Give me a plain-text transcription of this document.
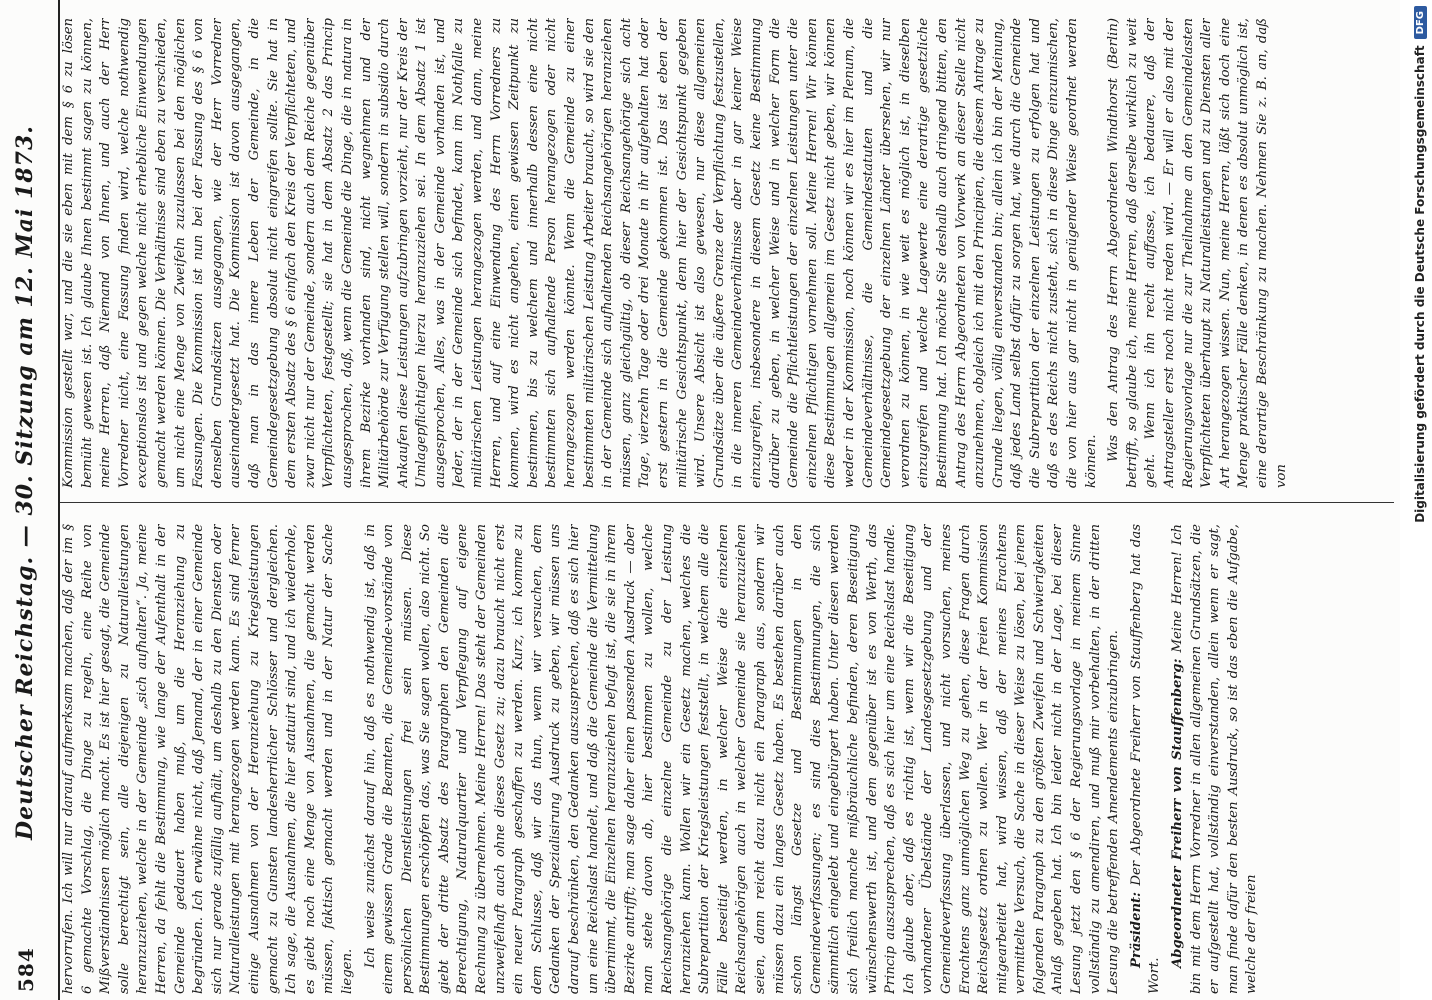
584
Deutscher Reichstag. — 30. Sitzung am 12. Mai 1873. hervorrufen. Ich will nur darauf aufmerksam machen, daß der im § 6 gemachte Vorschlag, die Dinge zu regeln, eine Reihe von Mißverständnissen möglich macht. Es ist hier gesagt, die Gemeinde solle berechtigt sein, alle diejenigen zu Naturalleistungen heranzuziehen, welche in der Gemeinde „sich aufhalten“. Ja, meine Herren, da fehlt die Bestimmung, wie lange der Aufenthalt in der Gemeinde gedauert haben muß, um die Heranziehung zu begründen. Ich erwähne nicht, daß Jemand, der in einer Gemeinde sich nur gerade zufällig aufhält, um deshalb zu den Diensten oder Naturalleistungen mit herangezogen werden kann. Es sind ferner einige Ausnahmen von der Heranziehung zu Kriegsleistungen gemacht zu Gunsten landesherrlicher Schlösser und dergleichen. Ich sage, die Ausnahmen, die hier statuirt sind, und ich wiederhole, es giebt noch eine Menge von Ausnahmen, die gemacht werden müssen, faktisch gemacht werden und in der Natur der Sache liegen.

Ich weise zunächst darauf hin, daß es nothwendig ist, daß in einem gewissen Grade die Beamten, die Gemeinde-vorstände von persönlichen Dienstleistungen frei sein müssen. Diese Bestimmungen erschöpfen das, was Sie sagen wollen, also nicht. So giebt der dritte Absatz des Paragraphen den Gemeinden die Berechtigung, Naturalquartier und Verpflegung auf eigene Rechnung zu übernehmen. Meine Herren! Das steht der Gemeinden unzweifelhaft auch ohne dieses Gesetz zu; dazu braucht nicht erst ein neuer Paragraph geschaffen zu werden. Kurz, ich komme zu dem Schlusse, daß wir das thun, wenn wir versuchen, dem Gedanken der Spezialisirung Ausdruck zu geben, wir müssen uns darauf beschränken, den Gedanken auszusprechen, daß es sich hier um eine Reichslast handelt, und daß die Gemeinde die Vermittelung übernimmt, die Einzelnen heranzuziehen befugt ist, die sie in ihrem Bezirke antrifft; man sage daher einen passenden Ausdruck — aber man stehe davon ab, hier bestimmen zu wollen, welche Reichsangehörige die einzelne Gemeinde zu der Leistung heranziehen kann. Wollen wir ein Gesetz machen, welches die Subrepartition der Kriegsleistungen feststellt, in welchem alle die Fälle beseitigt werden, in welcher Weise die einzelnen Reichsangehörigen auch in welcher Gemeinde sie heranzuziehen seien, dann reicht dazu nicht ein Paragraph aus, sondern wir müssen dazu ein langes Gesetz haben. Es bestehen darüber auch schon längst Gesetze und Bestimmungen in den Gemeindeverfassungen; es sind dies Bestimmungen, die sich sämmtlich eingelebt und eingebürgert haben. Unter diesen werden sich freilich manche mißbräuchliche befinden, deren Beseitigung wünschenswerth ist, und dem gegenüber ist es von Werth, das Princip auszusprechen, daß es sich hier um eine Reichslast handle. Ich glaube aber, daß es richtig ist, wenn wir die Beseitigung vorhandener Übelstände der Landesgesetzgebung und der Gemeindeverfassung überlassen, und nicht vorsuchen, meines Erachtens ganz unmöglichen Weg zu gehen, diese Fragen durch Reichsgesetz ordnen zu wollen. Wer in der freien Kommission mitgearbeitet hat, wird wissen, daß der meines Erachtens vermittelte Versuch, die Sache in dieser Weise zu lösen, bei jenem folgenden Paragraph zu den größten Zweifeln und Schwierigkeiten Anlaß gegeben hat. Ich bin leider nicht in der Lage, bei dieser Lesung jetzt den § 6 der Regierungsvorlage in meinem Sinne vollständig zu amendiren, und muß mir vorbehalten, in der dritten Lesung die betreffenden Amendements einzubringen. Präsident: Der Abgeordnete Freiherr von Stauffenberg hat das Wort.

Abgeordneter Freiherr von Stauffenberg: Meine Herren! Ich bin mit dem Herrn Vorredner in allen allgemeinen Grundsätzen, die er aufgestellt hat, vollständig einverstanden, allein wenn er sagt, man finde dafür den besten Ausdruck, so ist das eben die Aufgabe, welche der freien

Kommission gestellt war, und die sie eben mit dem § 6 zu lösen bemüht gewesen ist. Ich glaube Ihnen bestimmt sagen zu können, meine Herren, daß Niemand von Ihnen, und auch der Herr Vorredner nicht, eine Fassung finden wird, welche nothwendig exceptionslos ist und gegen welche nicht erhebliche Einwendungen gemacht werden können. Die Verhältnisse sind eben zu verschieden, um nicht eine Menge von Zweifeln zuzulassen bei den möglichen Fassungen. Die Kommission ist nun bei der Fassung des § 6 von denselben Grundsätzen ausgegangen, wie der Herr Vorredner auseinandergesetzt hat. Die Kommission ist davon ausgegangen, daß man in das innere Leben der Gemeinde, in die Gemeindegesetzgebung absolut nicht eingreifen sollte. Sie hat in dem ersten Absatz des § 6 einfach den Kreis der Verpflichteten, und zwar nicht nur der Gemeinde, sondern auch dem Reiche gegenüber Verpflichteten, festgestellt; sie hat in dem Absatz 2 das Princip ausgesprochen, daß, wenn die Gemeinde die Dinge, die in natura in ihrem Bezirke vorhanden sind, nicht wegnehmen und der Militärbehörde zur Verfügung stellen will, sondern in subsidio durch Ankaufen diese Leistungen aufzubringen vorzieht, nur der Kreis der Umlagepflichtigen hierzu heranzuziehen sei. In dem Absatz 1 ist ausgesprochen, Alles, was in der Gemeinde vorhanden ist, und Jeder, der in der Gemeinde sich befindet, kann im Nothfalle zu militärischen Leistungen herangezogen werden, und dann, meine Herren, und auf eine Einwendung des Herrn Vorredners zu kommen, wird es nicht angehen, einen gewissen Zeitpunkt zu bestimmen, bis zu welchem und innerhalb dessen eine nicht bestimmten sich aufhaltende Person herangezogen oder nicht herangezogen werden könnte. Wenn die Gemeinde zu einer bestimmten militärischen Leistung Arbeiter braucht, so wird sie den in der Gemeinde sich aufhaltenden Reichsangehörigen heranziehen müssen, ganz gleichgültig, ob dieser Reichsangehörige sich acht Tage, vierzehn Tage oder drei Monate in ihr aufgehalten hat oder erst gestern in die Gemeinde gekommen ist. Das ist eben der militärische Gesichtspunkt, denn hier der Gesichtspunkt gegeben wird. Unsere Absicht ist also gewesen, nur diese allgemeinen Grundsätze über die äußere Grenze der Verpflichtung festzustellen, in die inneren Gemeindeverhältnisse aber in gar keiner Weise einzugreifen, insbesondere in diesem Gesetz keine Bestimmung darüber zu geben, in welcher Weise und in welcher Form die Gemeinde die Pflichtleistungen der einzelnen Leistungen unter die einzelnen Pflichtigen vornehmen soll. Meine Herren! Wir können diese Bestimmungen allgemein im Gesetz nicht geben, wir können weder in der Kommission, noch können wir es hier im Plenum, die Gemeindeverhältnisse, die Gemeindestatuten und die Gemeindegesetzgebung der einzelnen Länder übersehen, wir nur verordnen zu können, in wie weit es möglich ist, in dieselben einzugreifen und welche Lagewerte eine derartige gesetzliche Bestimmung hat. Ich möchte Sie deshalb auch dringend bitten, den Antrag des Herrn Abgeordneten von Vorwerk an dieser Stelle nicht anzunehmen, obgleich ich mit den Principien, die diesem Antrage zu Grunde liegen, völlig einverstanden bin; allein ich bin der Meinung, daß jedes Land selbst dafür zu sorgen hat, wie durch die Gemeinde die Subrepartition der einzelnen Leistungen zu erfolgen hat und daß es des Reichs nicht zusteht, sich in diese Dinge einzumischen, die von hier aus gar nicht in genügender Weise geordnet werden können. Was den Antrag des Herrn Abgeordneten Windthorst (Berlin) betrifft, so glaube ich, meine Herren, daß derselbe wirklich zu weit geht. Wenn ich ihn recht auffasse, ich bedauere, daß der Antragsteller erst noch nicht reden wird. — Er will er also mit der Regierungsvorlage nur die zur Theilnahme an den Gemeindelasten Verpflichteten überhaupt zu Naturalleistungen und zu Diensten aller Art herangezogen wissen. Nun, meine Herren, läßt sich doch eine Menge praktischer Fälle denken, in denen es absolut unmöglich ist, eine derartige Beschränkung zu machen. Nehmen Sie z. B. an, daß von	Digitalisierung gefördert durch die Deutsche Forschungsgemeinschaft
DFG
